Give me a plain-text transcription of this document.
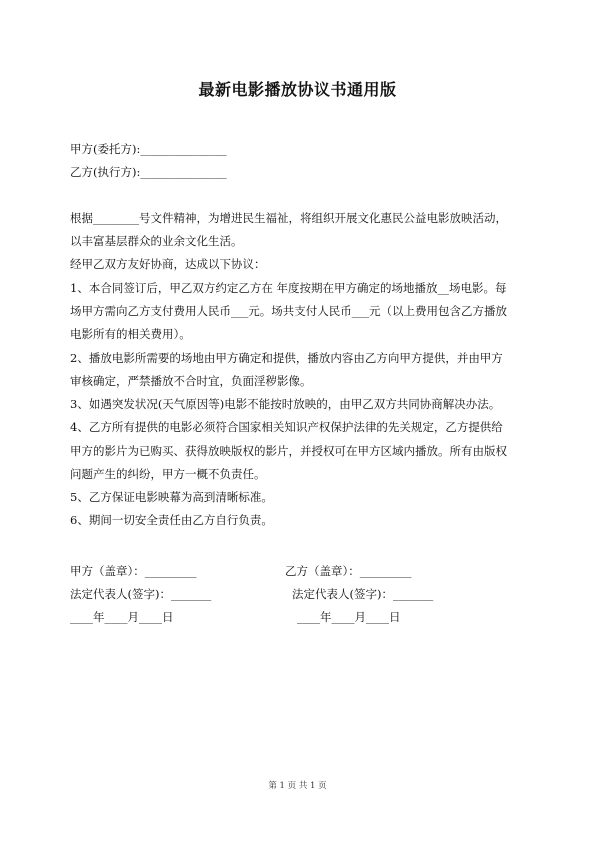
最新电影播放协议书通用版

甲方(委托方):_______________

乙方(执行方):_______________

根据________号文件精神，为增进民生福祉，将组织开展文化惠民公益电影放映活动，

以丰富基层群众的业余文化生活。

经甲乙双方友好协商，达成以下协议：

1、本合同签订后，甲乙双方约定乙方在 年度按期在甲方确定的场地播放__场电影。每

场甲方需向乙方支付费用人民币___元。场共支付人民币___元（以上费用包含乙方播放

电影所有的相关费用）。

2、播放电影所需要的场地由甲方确定和提供，播放内容由乙方向甲方提供，并由甲方

审核确定，严禁播放不合时宜，负面淫秽影像。

3、如遇突发状况(天气原因等)电影不能按时放映的，由甲乙双方共同协商解决办法。

4、乙方所有提供的电影必须符合国家相关知识产权保护法律的先关规定，乙方提供给

甲方的影片为已购买、获得放映版权的影片，并授权可在甲方区域内播放。所有由版权

问题产生的纠纷，甲方一概不负责任。

5、乙方保证电影映幕为高到清晰标准。

6、期间一切安全责任由乙方自行负责。

甲方（盖章）：_________	乙方（盖章）：_________

法定代表人(签字)：_______	法定代表人(签字)：_______

____年____月____日	____年____月____日

第 1 页 共 1 页
